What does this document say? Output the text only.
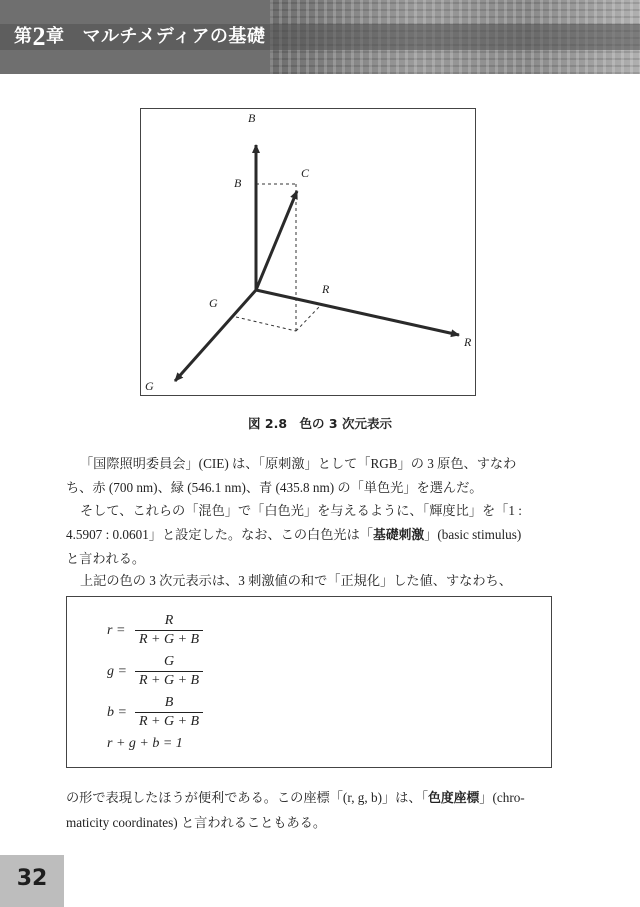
第2章 マルチメディアの基礎
B
B
C
G
R
R
G
図 2.8　色の 3 次元表示
「国際照明委員会」(CIE) は、「原刺激」として「RGB」の 3 原色、すなわ
ち、赤 (700 nm)、緑 (546.1 nm)、青 (435.8 nm) の「単色光」を選んだ。
そして、これらの「混色」で「白色光」を与えるように、「輝度比」を「1 :
4.5907 : 0.0601」と設定した。なお、この白色光は「基礎刺激」(basic stimulus)
と言われる。
上記の色の 3 次元表示は、3 刺激値の和で「正規化」した値、すなわち、
$r = \frac{R}{R + G + B}$
$g = \frac{G}{R + G + B}$
$b = \frac{B}{R + G + B}$
r + g + b = 1
の形で表現したほうが便利である。この座標「(r, g, b)」は、「色度座標」(chro-
maticity coordinates) と言われることもある。
32
